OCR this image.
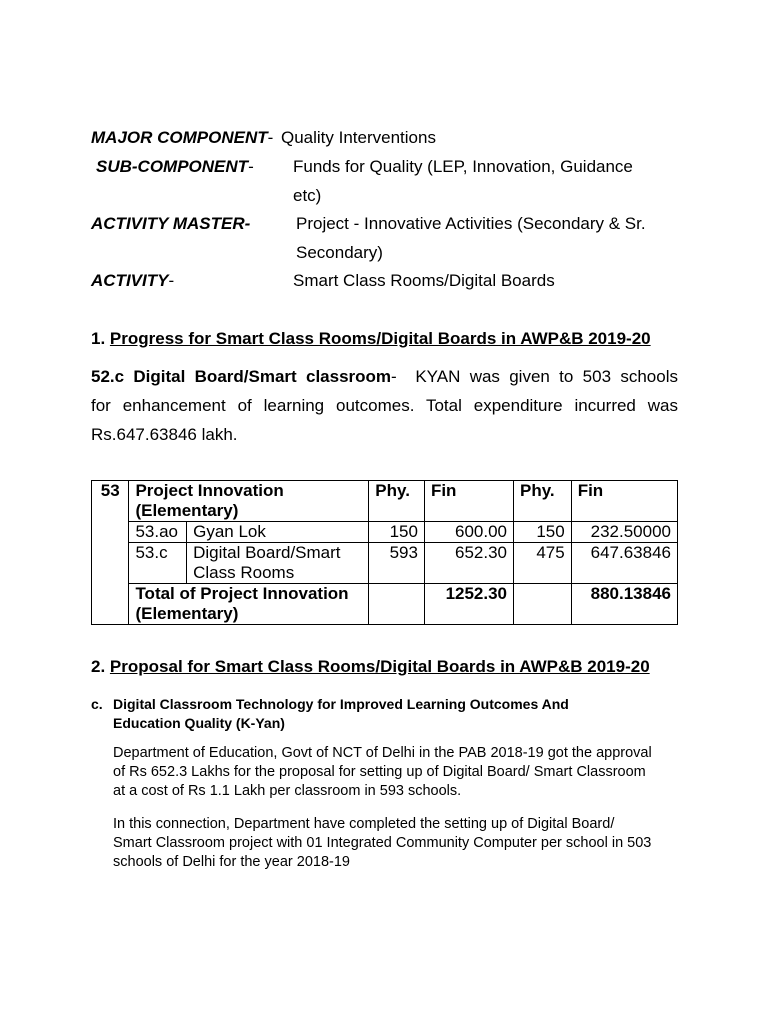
MAJOR COMPONENT- Quality Interventions
SUB-COMPONENT- Funds for Quality (LEP, Innovation, Guidance
etc)
ACTIVITY MASTER-	Project - Innovative Activities (Secondary & Sr.
Secondary)
ACTIVITY-	Smart Class Rooms/Digital Boards
1. Progress for Smart Class Rooms/Digital Boards in AWP&B 2019-20
52.c Digital Board/Smart classroom- KYAN was given to 503 schools
for enhancement of learning outcomes. Total expenditure incurred was
Rs.647.63846 lakh.
53	Project Innovation
(Elementary)		Phy.	Fin	Phy.	Fin
	53.ao	Gyan Lok	150	600.00	150	232.50000
	53.c	Digital Board/Smart
Class Rooms	593	652.30	475	647.63846

	Total of Project Innovation
(Elementary)			1252.30		880.13846
2. Proposal for Smart Class Rooms/Digital Boards in AWP&B 2019-20
c. Digital Classroom Technology for Improved Learning Outcomes And
Education Quality (K-Yan)
Department of Education, Govt of NCT of Delhi in the PAB 2018-19 got the approval
of Rs 652.3 Lakhs for the proposal for setting up of Digital Board/ Smart Classroom
at a cost of Rs 1.1 Lakh per classroom in 593 schools.
In this connection, Department have completed the setting up of Digital Board/
Smart Classroom project with 01 Integrated Community Computer per school in 503
schools of Delhi for the year 2018-19
